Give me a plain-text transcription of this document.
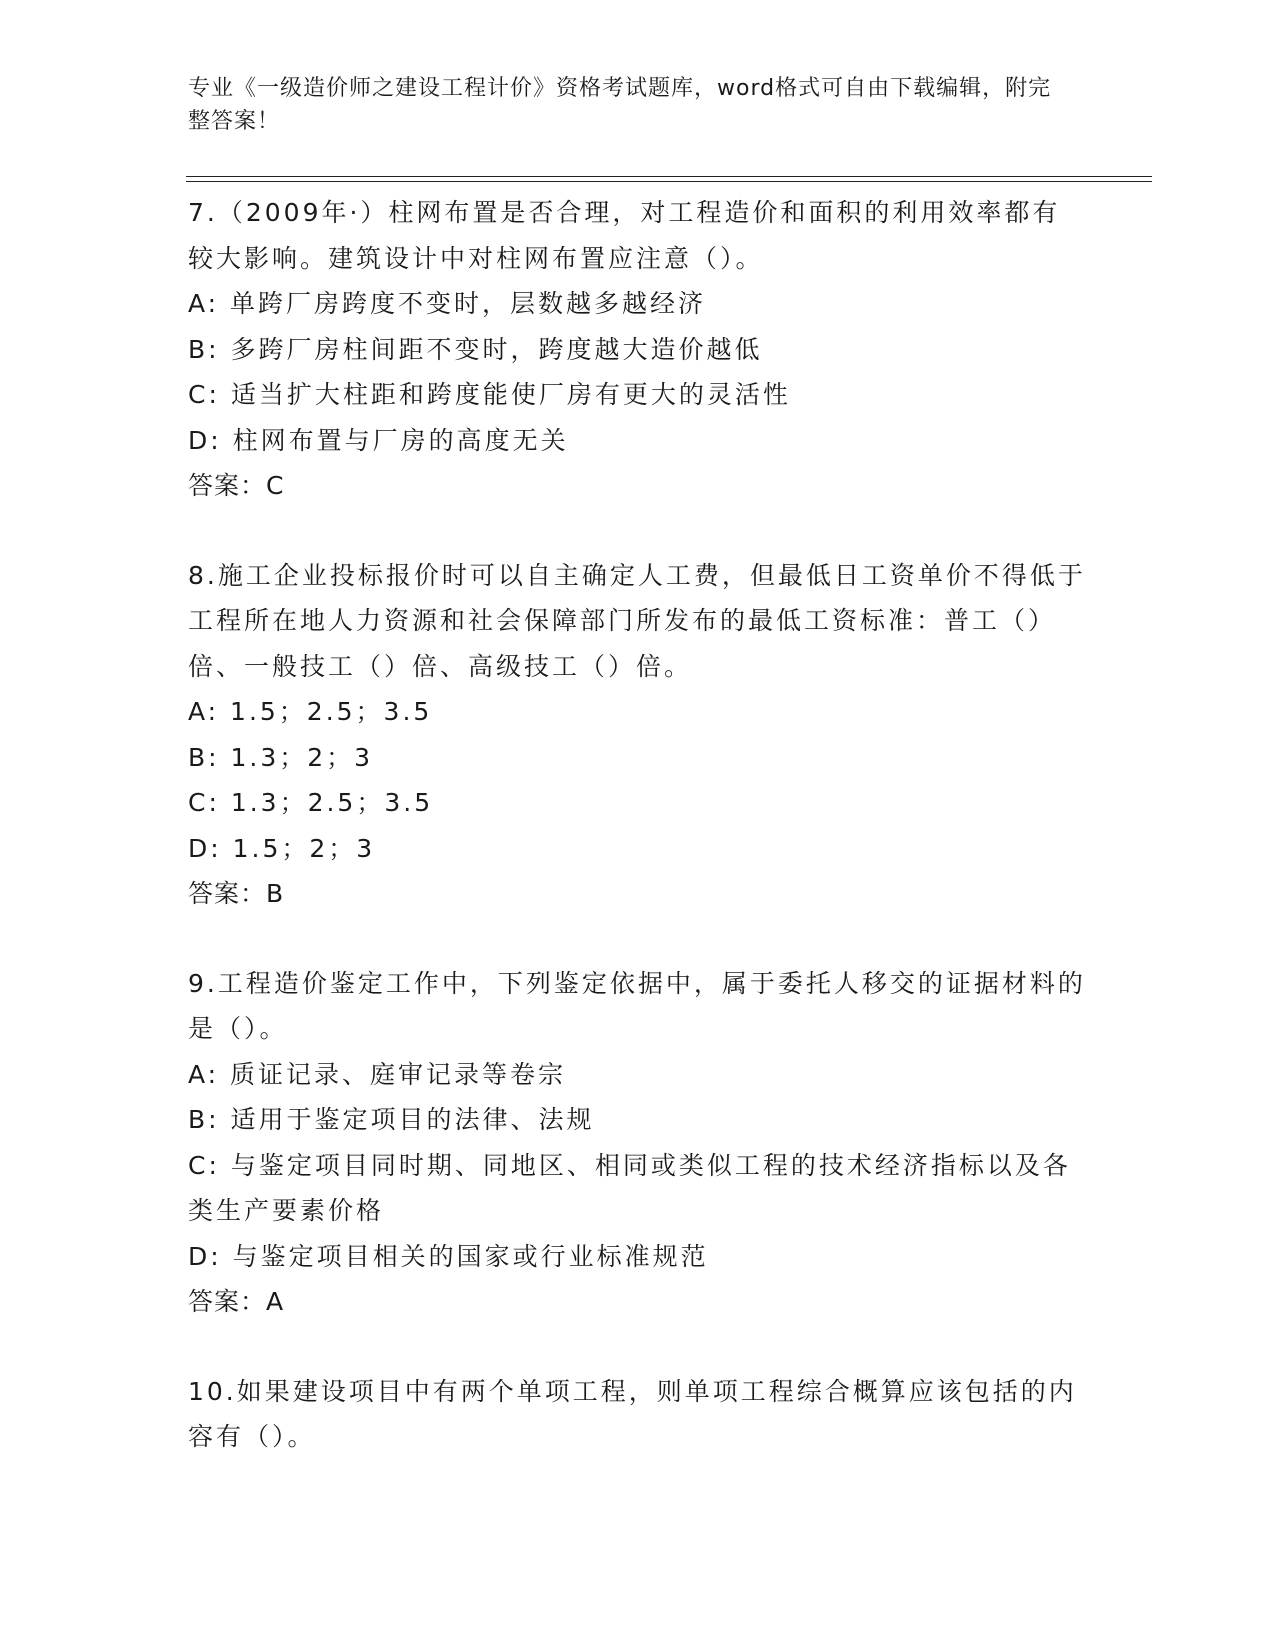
专业《一级造价师之建设工程计价》资格考试题库，word格式可自由下载编辑，附完整答案！

7.（2009年·）柱网布置是否合理，对工程造价和面积的利用效率都有较大影响。建筑设计中对柱网布置应注意（）。

A: 单跨厂房跨度不变时，层数越多越经济

B: 多跨厂房柱间距不变时，跨度越大造价越低

C: 适当扩大柱距和跨度能使厂房有更大的灵活性

D: 柱网布置与厂房的高度无关

答案：C

8.施工企业投标报价时可以自主确定人工费，但最低日工资单价不得低于工程所在地人力资源和社会保障部门所发布的最低工资标准：普工（）倍、一般技工（）倍、高级技工（）倍。

A: 1.5；2.5；3.5

B: 1.3；2；3

C: 1.3；2.5；3.5

D: 1.5；2；3

答案：B

9.工程造价鉴定工作中，下列鉴定依据中，属于委托人移交的证据材料的是（）。

A: 质证记录、庭审记录等卷宗

B: 适用于鉴定项目的法律、法规

C: 与鉴定项目同时期、同地区、相同或类似工程的技术经济指标以及各类生产要素价格

D: 与鉴定项目相关的国家或行业标准规范

答案：A

10.如果建设项目中有两个单项工程，则单项工程综合概算应该包括的内容有（）。
